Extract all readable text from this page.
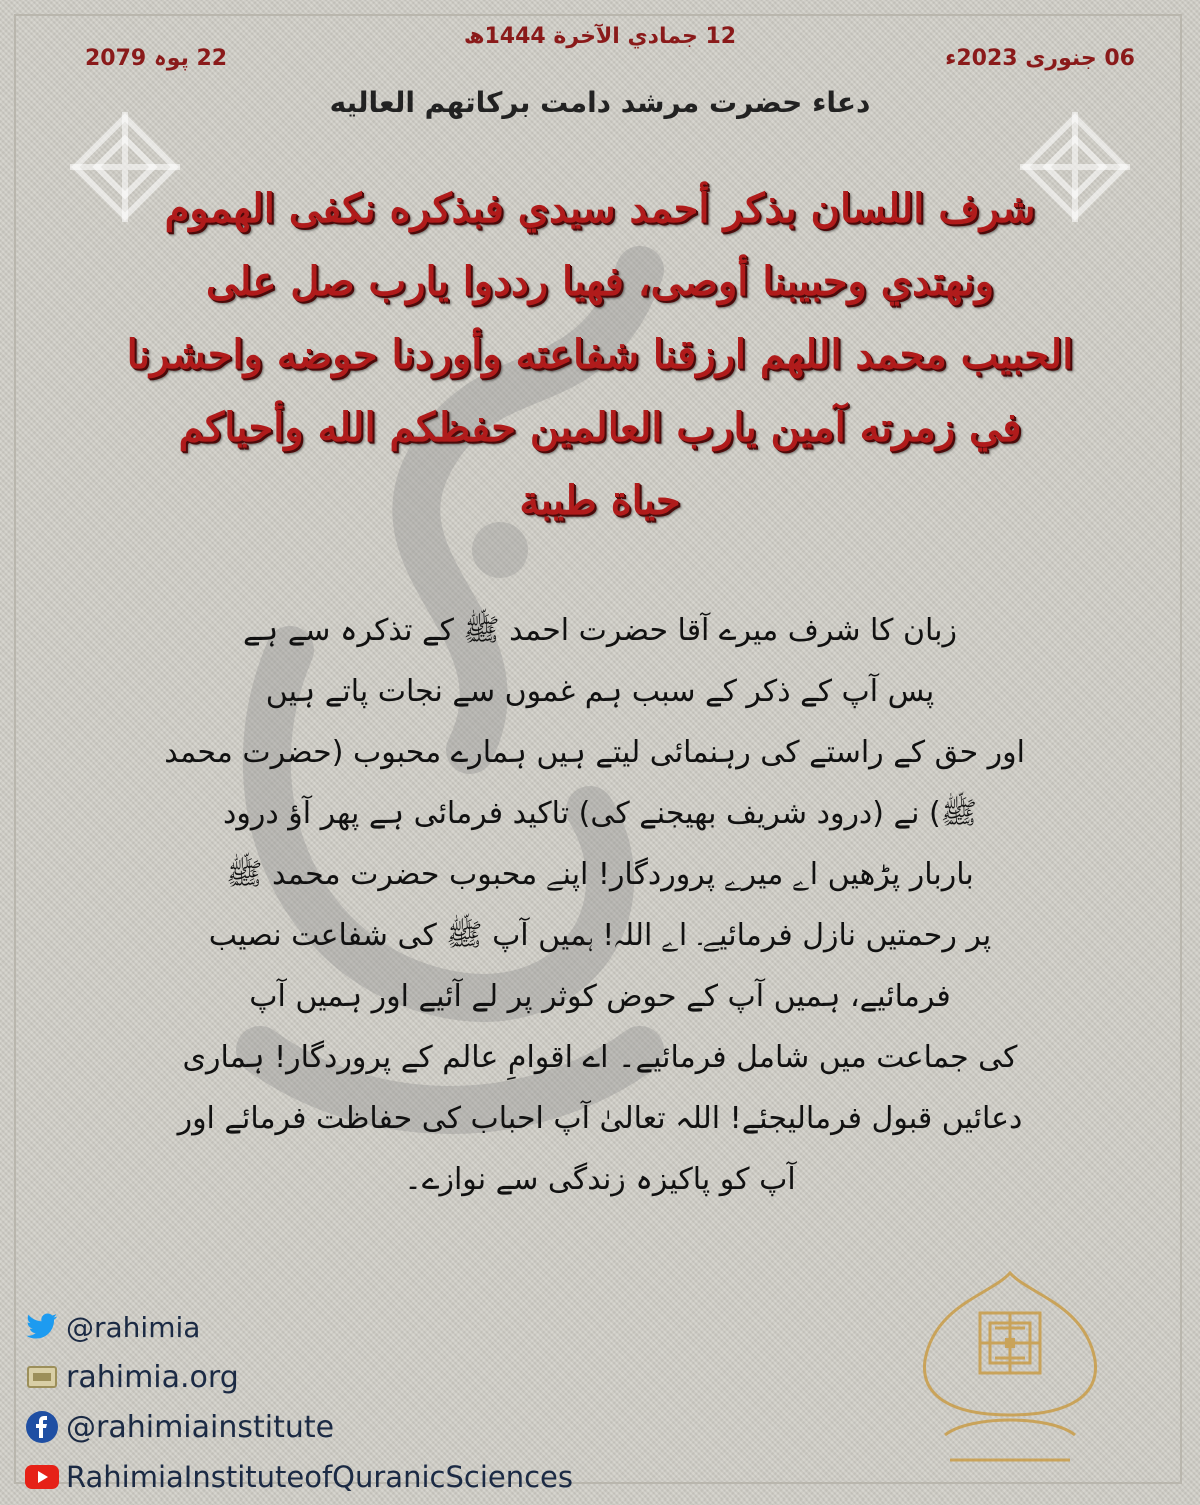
12 جمادي الآخرة 1444ھ
06 جنوری 2023ء
22 پوہ 2079
دعاء حضرت مرشد دامت برکاتهم العاليه
شرف اللسان بذكر أحمد سيدي فبذكره نكفى الهموم
ونهتدي وحبيبنا أوصى، فهيا رددوا يارب صل على
الحبيب محمد اللهم ارزقنا شفاعته وأوردنا حوضه واحشرنا
في زمرته آمين يارب العالمين حفظكم الله وأحياكم
حياة طيبة
زبان کا شرف میرے آقا حضرت احمد ﷺ کے تذکرہ سے ہے
پس آپ کے ذکر کے سبب ہم غموں سے نجات پاتے ہیں
اور حق کے راستے کی رہنمائی لیتے ہیں ہمارے محبوب (حضرت محمد
ﷺ) نے (درود شریف بھیجنے کی) تاکید فرمائی ہے پھر آؤ درود
باربار پڑھیں اے میرے پروردگار! اپنے محبوب حضرت محمد ﷺ
پر رحمتیں نازل فرمائیے۔ اے اللہ! ہمیں آپ ﷺ کی شفاعت نصیب
فرمائیے، ہمیں آپ کے حوض کوثر پر لے آئیے اور ہمیں آپ
کی جماعت میں شامل فرمائیے۔ اے اقوامِ عالم کے پروردگار! ہماری
دعائیں قبول فرمالیجئے! اللہ تعالیٰ آپ احباب کی حفاظت فرمائے اور
آپ کو پاکیزہ زندگی سے نوازے۔
@rahimia
rahimia.org
@rahimiainstitute
RahimiaInstituteofQuranicSciences
